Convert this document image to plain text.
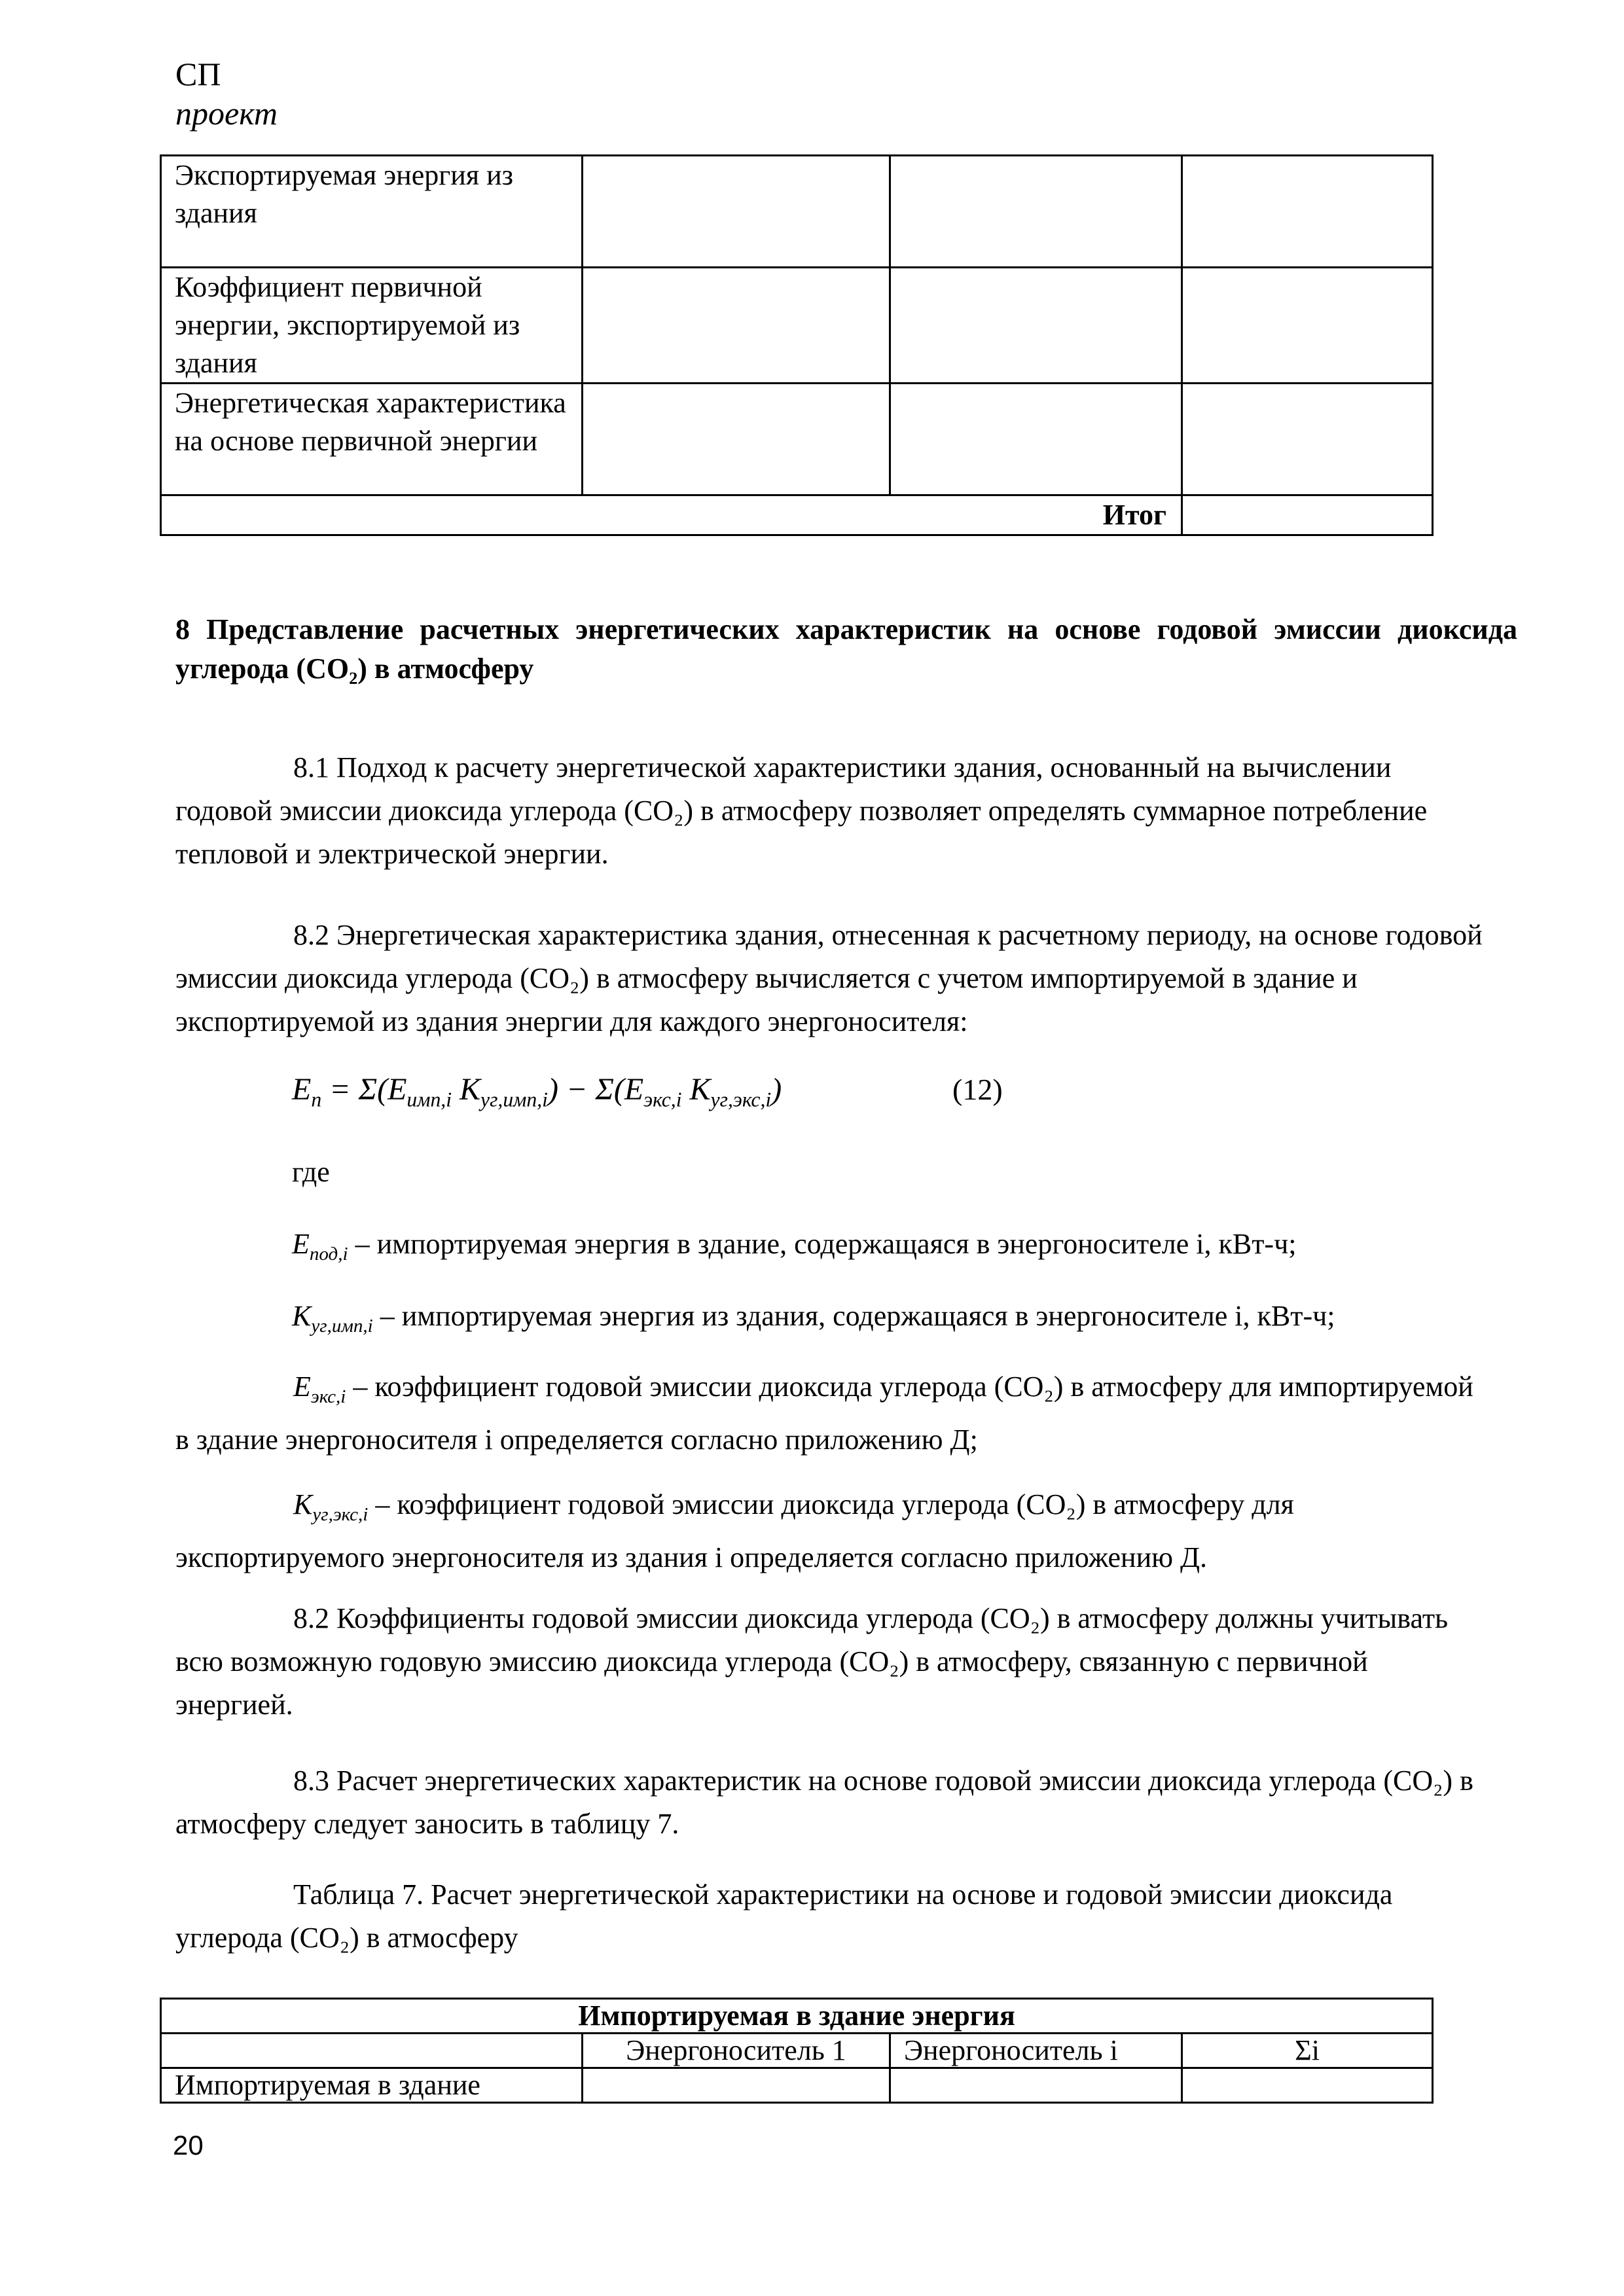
СП
проект
Экспортируемая энергия из здания			
Коэффициент первичной энергии, экспортируемой из здания			
Энергетическая характеристика на основе первичной энергии			
Итог			
8 Представление расчетных энергетических характеристик на основе годовой эмиссии диоксида углерода (CO₂) в атмосферу
8.1 Подход к расчету энергетической характеристики здания, основанный на вычислении годовой эмиссии диоксида углерода (CO₂) в атмосферу позволяет определять суммарное потребление тепловой и электрической энергии.
8.2 Энергетическая характеристика здания, отнесенная к расчетному периоду, на основе годовой эмиссии диоксида углерода (CO₂) в атмосферу вычисляется с учетом импортируемой в здание и экспортируемой из здания энергии для каждого энергоносителя:
$E_п = \Sigma(E_{имп,i}$ $K_{уг,имп,i}) - \Sigma(E_{экс,i}$ $K_{уг,экс,i}$)	(12)
где
$E_{под,i}$ – импортируемая энергия в здание, содержащаяся в энергоносителе i, кВт-ч;
$K_{уг,имп,i}$ – импортируемая энергия из здания, содержащаяся в энергоносителе i, кВт-ч;
$E_{экс,i}$ – коэффициент годовой эмиссии диоксида углерода (CO₂) в атмосферу для импортируемой в здание энергоносителя i определяется согласно приложению Д;
$K_{уг,экс,i}$ – коэффициент годовой эмиссии диоксида углерода (CO₂) в атмосферу для экспортируемого энергоносителя из здания i определяется согласно приложению Д.
8.2 Коэффициенты годовой эмиссии диоксида углерода (CO₂) в атмосферу должны учитывать всю возможную годовую эмиссию диоксида углерода (CO₂) в атмосферу, связанную с первичной энергией.
8.3 Расчет энергетических характеристик на основе годовой эмиссии диоксида углерода (CO₂) в атмосферу следует заносить в таблицу 7.
Таблица 7. Расчет энергетической характеристики на основе и годовой эмиссии диоксида углерода (CO₂) в атмосферу
Импортируемая в здание энергия			
	Энергоноситель 1	Энергоноситель i	Σi
Импортируемая в здание			
20
